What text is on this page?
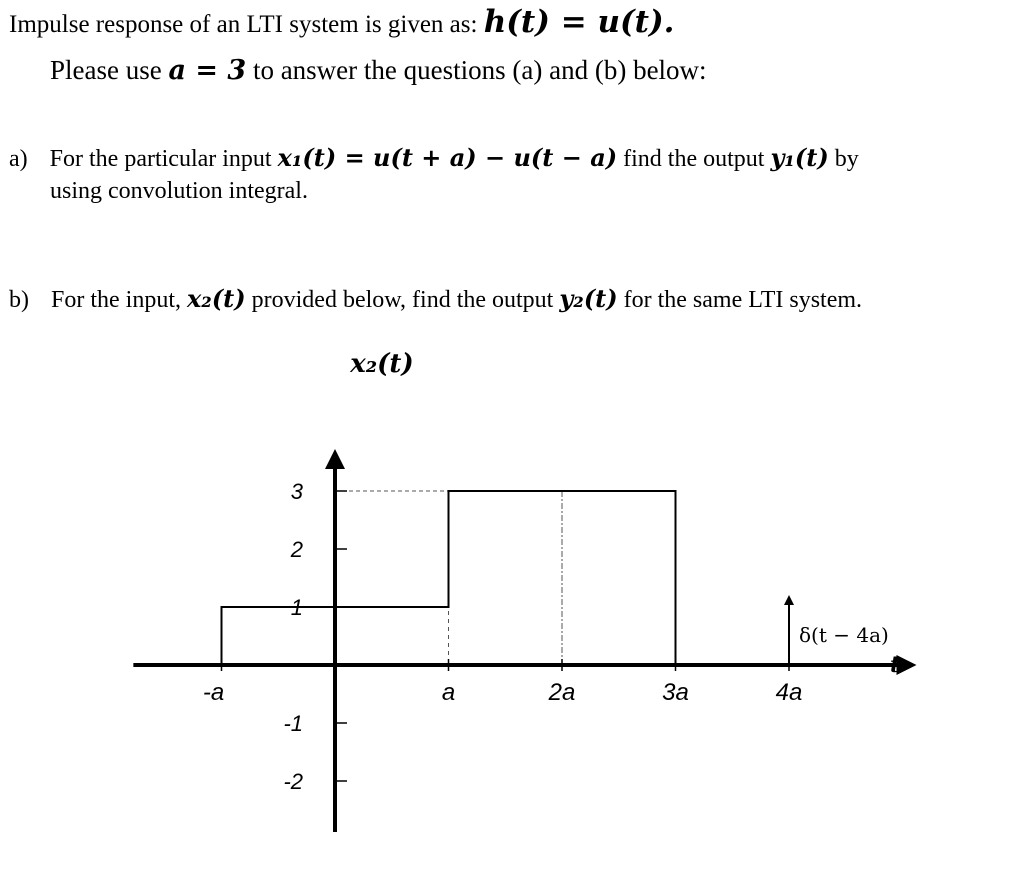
Impulse response of an LTI system is given as: h(t) = u(t).
Please use a = 3 to answer the questions (a) and (b) below:
a) For the particular input x₁(t) = u(t + a) − u(t − a) find the output y₁(t) by
using convolution integral.
b) For the input, x₂(t) provided below, find the output y₂(t) for the same LTI system.
x₂(t)
t
3
2
1
-1
-2
-a	a	2a	3a	4a
δ(t − 4a)
